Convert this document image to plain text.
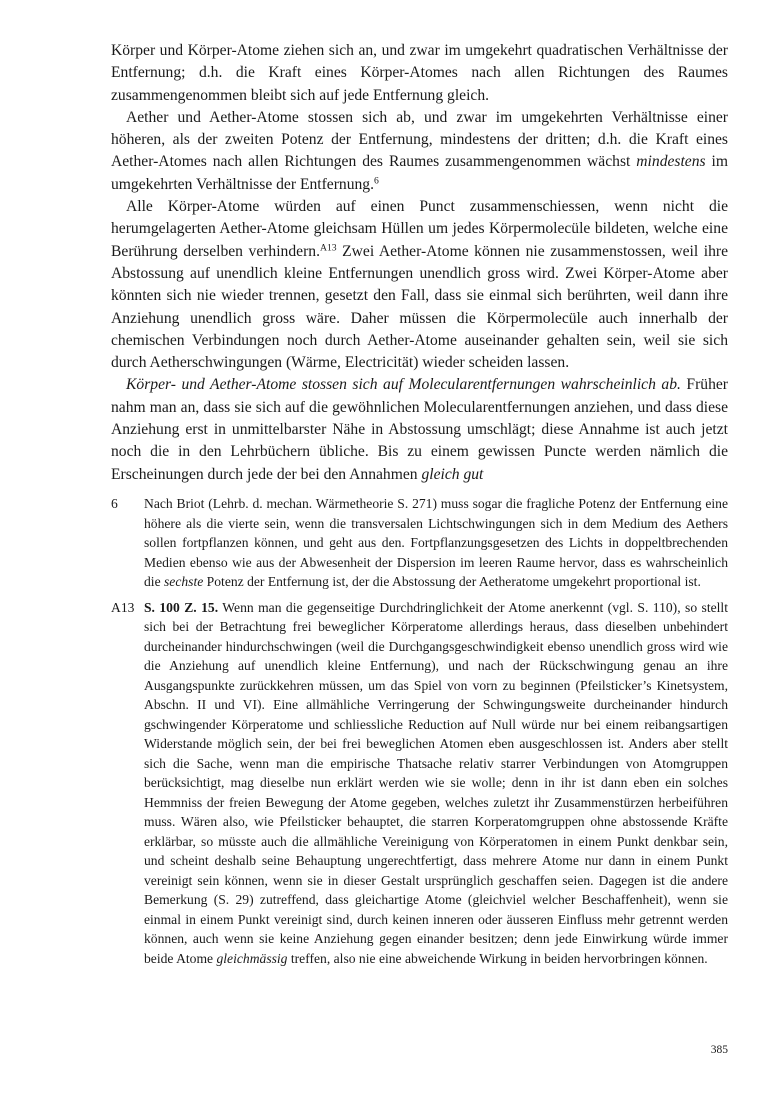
Körper und Körper-Atome ziehen sich an, und zwar im umgekehrt quadratischen Verhältnisse der Entfernung; d.h. die Kraft eines Körper-Atomes nach allen Richtungen des Raumes zusammengenommen bleibt sich auf jede Entfernung gleich.

Aether und Aether-Atome stossen sich ab, und zwar im umgekehrten Verhältnisse einer höheren, als der zweiten Potenz der Entfernung, mindestens der dritten; d.h. die Kraft eines Aether-Atomes nach allen Richtungen des Raumes zusammengenommen wächst mindestens im umgekehrten Verhältnisse der Entfernung.$^6$

Alle Körper-Atome würden auf einen Punct zusammenschiessen, wenn nicht die herumgelagerten Aether-Atome gleichsam Hüllen um jedes Körpermolecüle bildeten, welche eine Berührung derselben verhindern.$^{A13}$ Zwei Aether-Atome können nie zusammenstossen, weil ihre Abstossung auf unendlich kleine Entfernungen unendlich gross wird. Zwei Körper-Atome aber könnten sich nie wieder trennen, gesetzt den Fall, dass sie einmal sich berührten, weil dann ihre Anziehung unendlich gross wäre. Daher müssen die Körpermolecüle auch innerhalb der chemischen Verbindungen noch durch Aether-Atome auseinander gehalten sein, weil sie sich durch Aetherschwingungen (Wärme, Electricität) wieder scheiden lassen.

Körper- und Aether-Atome stossen sich auf Molecularentfernungen wahrscheinlich ab. Früher nahm man an, dass sie sich auf die gewöhnlichen Molecularentfernungen anziehen, und dass diese Anziehung erst in unmittelbarster Nähe in Abstossung umschlägt; diese Annahme ist auch jetzt noch die in den Lehrbüchern übliche. Bis zu einem gewissen Puncte werden nämlich die Erscheinungen durch jede der bei den Annahmen gleich gut

6 Nach Briot (Lehrb. d. mechan. Wärmetheorie S. 271) muss sogar die fragliche Potenz der Entfernung eine höhere als die vierte sein, wenn die transversalen Lichtschwingungen sich in dem Medium des Aethers sollen fortpflanzen können, und geht aus den. Fortpflanzungsgesetzen des Lichts in doppeltbrechenden Medien ebenso wie aus der Abwesenheit der Dispersion im leeren Raume hervor, dass es wahrscheinlich die sechste Potenz der Entfernung ist, der die Abstossung der Aetheratome umgekehrt proportional ist.

A13 S. 100 Z. 15. Wenn man die gegenseitige Durchdringlichkeit der Atome anerkennt (vgl. S. 110), so stellt sich bei der Betrachtung frei beweglicher Körperatome allerdings heraus, dass dieselben unbehindert durcheinander hindurchschwingen (weil die Durchgangsgeschwindigkeit ebenso unendlich gross wird wie die Anziehung auf unendlich kleine Entfernung), und nach der Rückschwingung genau an ihre Ausgangspunkte zurückkehren müssen, um das Spiel von vorn zu beginnen (Pfeilsticker’s Kinetsystem, Abschn. II und VI). Eine allmähliche Verringerung der Schwingungsweite durcheinander hindurch gschwingender Körperatome und schliessliche Reduction auf Null würde nur bei einem reibangsartigen Widerstande möglich sein, der bei frei beweglichen Atomen eben ausgeschlossen ist. Anders aber stellt sich die Sache, wenn man die empirische Thatsache relativ starrer Verbindungen von Atomgruppen berücksichtigt, mag dieselbe nun erklärt werden wie sie wolle; denn in ihr ist dann eben ein solches Hemmniss der freien Bewegung der Atome gegeben, welches zuletzt ihr Zusammenstürzen herbeiführen muss. Wären also, wie Pfeilsticker behauptet, die starren Korperatomgruppen ohne abstossende Kräfte erklärbar, so müsste auch die allmähliche Vereinigung von Körperatomen in einem Punkt denkbar sein, und scheint deshalb seine Behauptung ungerechtfertigt, dass mehrere Atome nur dann in einem Punkt vereinigt sein können, wenn sie in dieser Gestalt ursprünglich geschaffen seien. Dagegen ist die andere Bemerkung (S. 29) zutreffend, dass gleichartige Atome (gleichviel welcher Beschaffenheit), wenn sie einmal in einem Punkt vereinigt sind, durch keinen inneren oder äusseren Einfluss mehr getrennt werden können, auch wenn sie keine Anziehung gegen einander besitzen; denn jede Einwirkung würde immer beide Atome gleichmässig treffen, also nie eine abweichende Wirkung in beiden hervorbringen können.

385
